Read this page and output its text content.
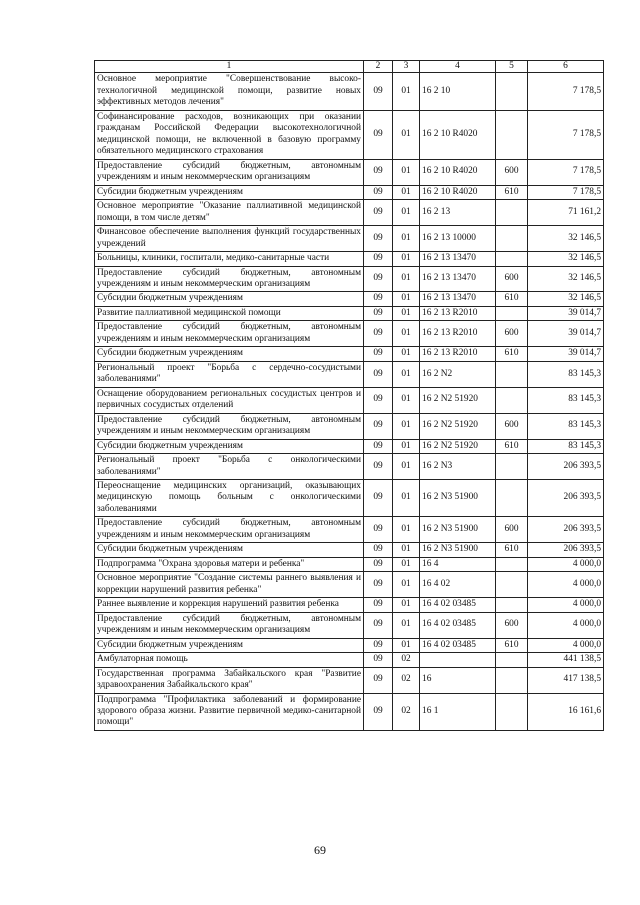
1	2	3	4	5	6
Основное мероприятие "Совершенствование высоко-технологичной медицинской помощи, развитие новых эффективных методов лечения"	09	01	16 2 10		7 178,5
Софинансирование расходов, возникающих при оказании гражданам Российской Федерации высокотехнологичной медицинской помощи, не включенной в базовую программу обязательного медицинского страхования	09	01	16 2 10 R4020		7 178,5
Предоставление субсидий бюджетным, автономным учреждениям и иным некоммерческим организациям	09	01	16 2 10 R4020	600	7 178,5
Субсидии бюджетным учреждениям	09	01	16 2 10 R4020	610	7 178,5
Основное мероприятие "Оказание паллиативной медицинской помощи, в том числе детям"	09	01	16 2 13		71 161,2
Финансовое обеспечение выполнения функций государственных учреждений	09	01	16 2 13 10000		32 146,5
Больницы, клиники, госпитали, медико-санитарные части	09	01	16 2 13 13470		32 146,5
Предоставление субсидий бюджетным, автономным учреждениям и иным некоммерческим организациям	09	01	16 2 13 13470	600	32 146,5
Субсидии бюджетным учреждениям	09	01	16 2 13 13470	610	32 146,5
Развитие паллиативной медицинской помощи	09	01	16 2 13 R2010		39 014,7
Предоставление субсидий бюджетным, автономным учреждениям и иным некоммерческим организациям	09	01	16 2 13 R2010	600	39 014,7
Субсидии бюджетным учреждениям	09	01	16 2 13 R2010	610	39 014,7
Региональный проект "Борьба с сердечно-сосудистыми заболеваниями"	09	01	16 2 N2		83 145,3
Оснащение оборудованием региональных сосудистых центров и первичных сосудистых отделений	09	01	16 2 N2 51920		83 145,3
Предоставление субсидий бюджетным, автономным учреждениям и иным некоммерческим организациям	09	01	16 2 N2 51920	600	83 145,3
Субсидии бюджетным учреждениям	09	01	16 2 N2 51920	610	83 145,3
Региональный проект "Борьба с онкологическими заболеваниями"	09	01	16 2 N3		206 393,5
Переоснащение медицинских организаций, оказывающих медицинскую помощь больным с онкологическими заболеваниями	09	01	16 2 N3 51900		206 393,5
Предоставление субсидий бюджетным, автономным учреждениям и иным некоммерческим организациям	09	01	16 2 N3 51900	600	206 393,5
Субсидии бюджетным учреждениям	09	01	16 2 N3 51900	610	206 393,5
Подпрограмма "Охрана здоровья матери и ребенка"	09	01	16 4		4 000,0
Основное мероприятие "Создание системы раннего выявления и коррекции нарушений развития ребенка"	09	01	16 4 02		4 000,0
Раннее выявление и коррекция нарушений развития ребенка	09	01	16 4 02 03485		4 000,0
Предоставление субсидий бюджетным, автономным учреждениям и иным некоммерческим организациям	09	01	16 4 02 03485	600	4 000,0
Субсидии бюджетным учреждениям	09	01	16 4 02 03485	610	4 000,0
Амбулаторная помощь	09	02			441 138,5
Государственная программа Забайкальского края "Развитие здравоохранения Забайкальского края"	09	02	16		417 138,5
Подпрограмма "Профилактика заболеваний и формирование здорового образа жизни. Развитие первичной медико-санитарной помощи"	09	02	16 1		16 161,6
69
